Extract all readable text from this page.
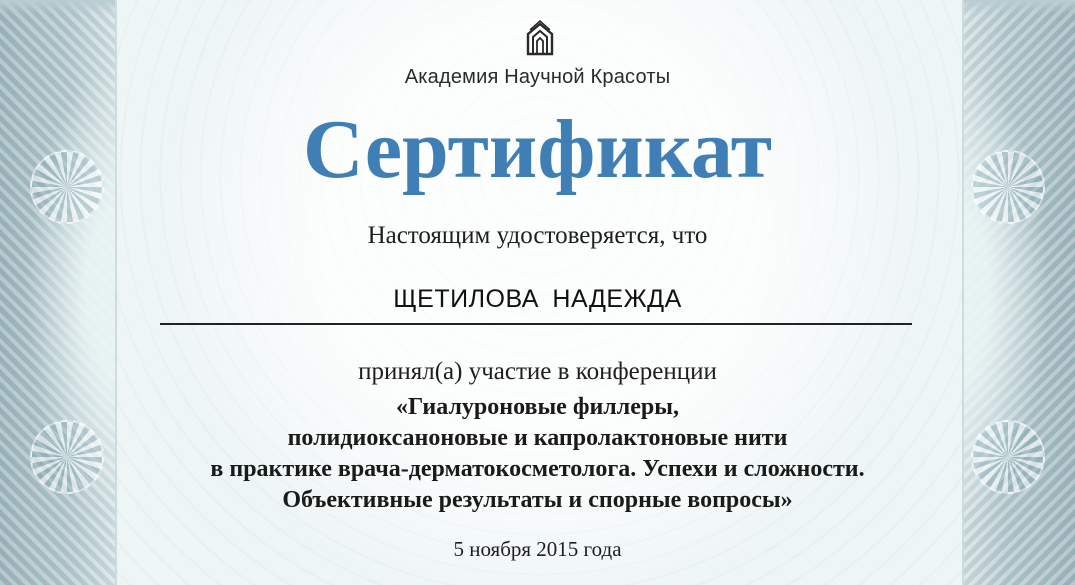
Академия Научной Красоты
Сертификат
Настоящим удостоверяется, что
ЩЕТИЛОВА НАДЕЖДА
принял(а) участие в конференции
«Гиалуроновые филлеры,
полидиоксаноновые и капролактоновые нити
в практике врача-дерматокосметолога. Успехи и сложности.
Объективные результаты и спорные вопросы»
5 ноября 2015 года
